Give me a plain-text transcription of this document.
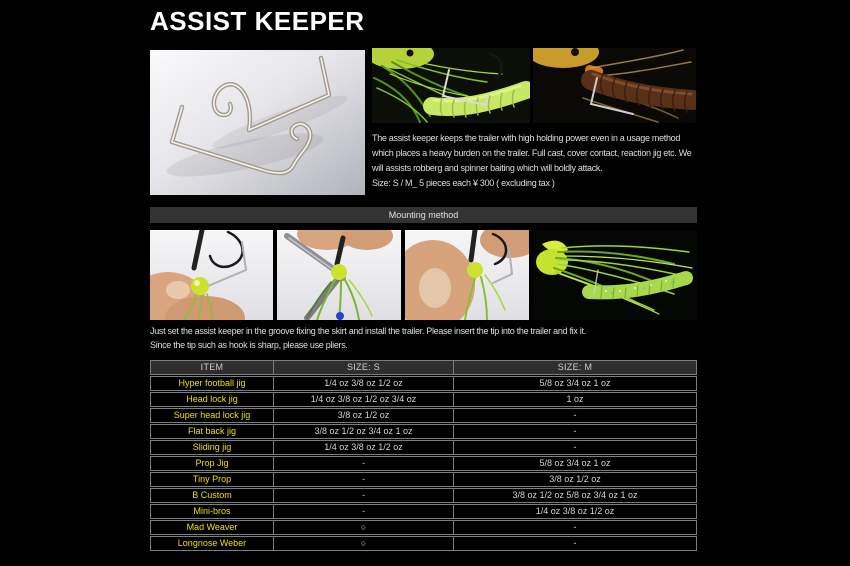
ASSIST KEEPER
The assist keeper keeps the trailer with high holding power even in a usage method
which places a heavy burden on the trailer. Full cast, cover contact, reaction jig etc. We
will assists robberg and spinner baiting which will boldly attack.
Size: S / M_ 5 pieces each ¥ 300 ( excluding tax )
Mounting method
Just set the assist keeper in the groove fixing the skirt and install the trailer. Please insert the tip into the trailer and fix it.
Since the tip such as hook is sharp, please use pliers.
ITEM	SIZE: S	SIZE: M
Hyper football jig	1/4 oz 3/8 oz 1/2 oz	5/8 oz 3/4 oz 1 oz
Head lock jig	1/4 oz 3/8 oz 1/2 oz 3/4 oz	1 oz
Super head lock jig	3/8 oz 1/2 oz	-
Flat back jig	3/8 oz 1/2 oz 3/4 oz 1 oz	-
Sliding jig	1/4 oz 3/8 oz 1/2 oz	-
Prop Jig	-	5/8 oz 3/4 oz 1 oz
Tiny Prop	-	3/8 oz 1/2 oz
B Custom	-	3/8 oz 1/2 oz 5/8 oz 3/4 oz 1 oz
Mini-bros	-	1/4 oz 3/8 oz 1/2 oz
Mad Weaver	○	-
Longnose Weber	○	-
